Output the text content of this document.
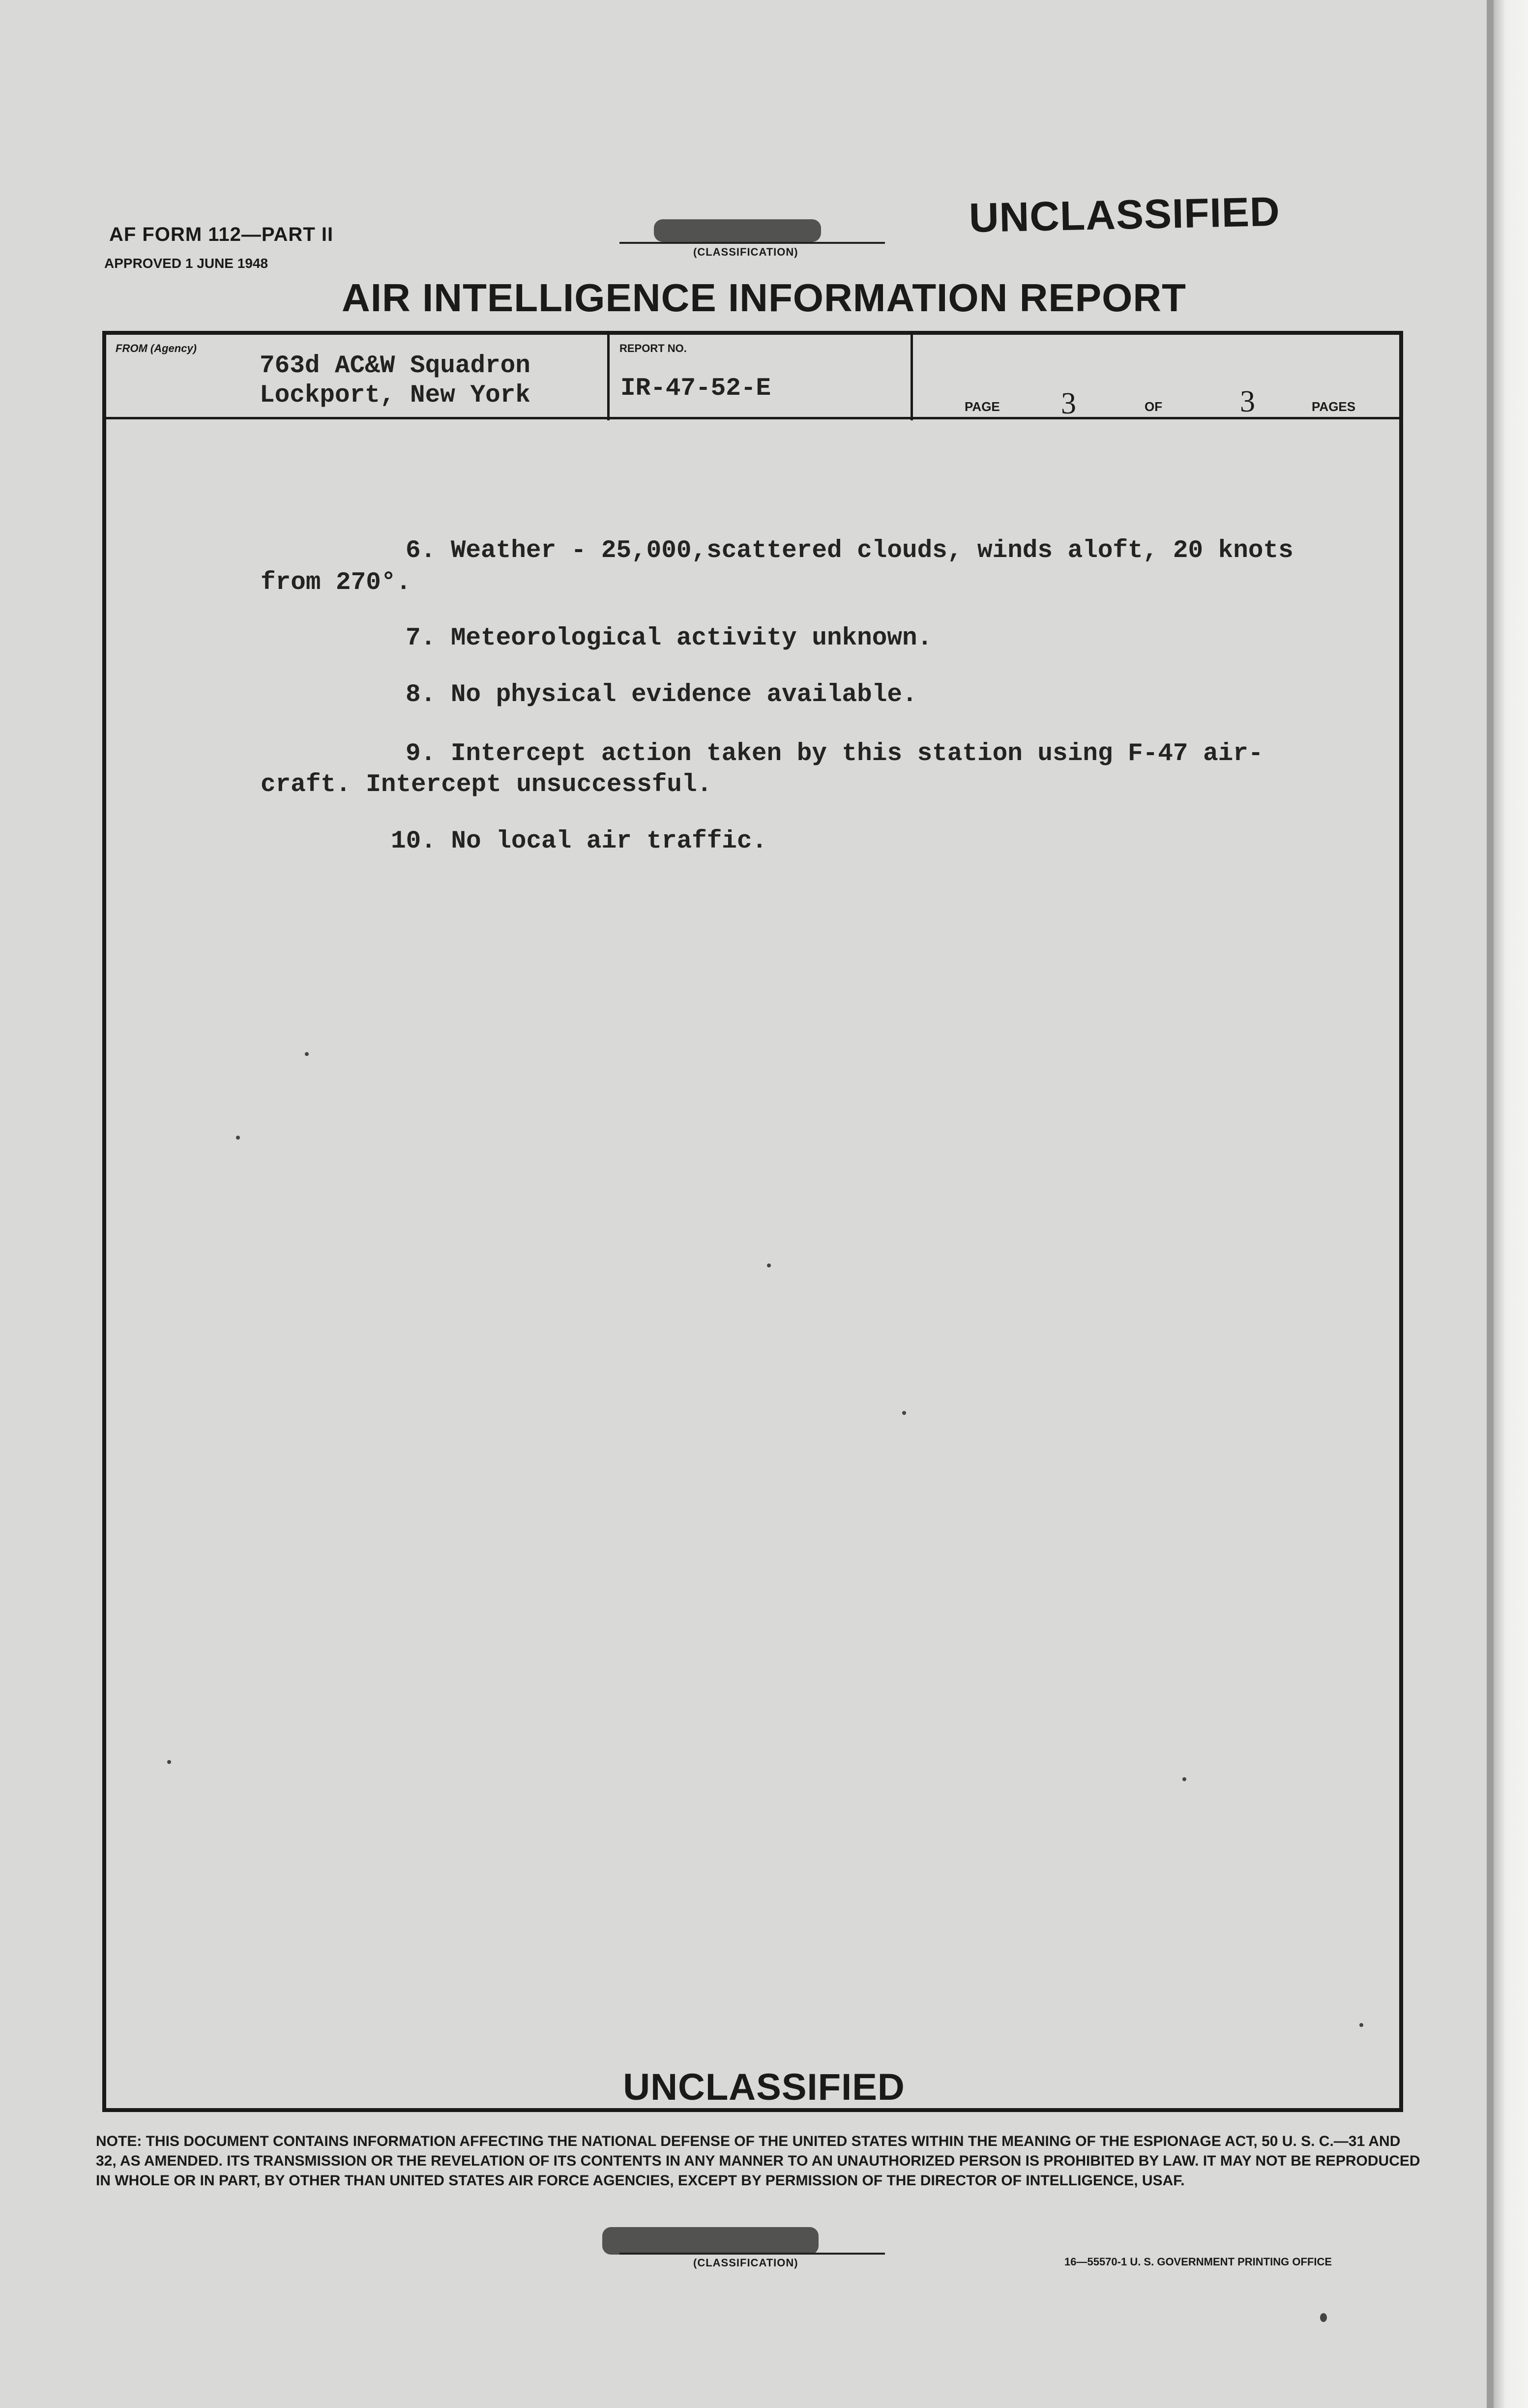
AF FORM 112—PART II
APPROVED 1 JUNE 1948
(CLASSIFICATION)
UNCLASSIFIED
AIR INTELLIGENCE INFORMATION REPORT
FROM (Agency)
763d AC&W Squadron
Lockport, New York
REPORT NO.
IR-47-52-E
PAGE 3	OF	3	PAGES
6. Weather - 25,000,scattered clouds, winds aloft, 20 knots
from 270°.
7. Meteorological activity unknown.
8. No physical evidence available.
9. Intercept action taken by this station using F-47 air-
craft. Intercept unsuccessful.
10. No local air traffic.
UNCLASSIFIED
NOTE: THIS DOCUMENT CONTAINS INFORMATION AFFECTING THE NATIONAL DEFENSE OF THE UNITED STATES WITHIN THE MEANING OF THE ESPIONAGE ACT, 50 U. S. C.—31 AND 32, AS AMENDED. ITS TRANSMISSION OR THE REVELATION OF ITS CONTENTS IN ANY MANNER TO AN UNAUTHORIZED PERSON IS PROHIBITED BY LAW. IT MAY NOT BE REPRODUCED IN WHOLE OR IN PART, BY OTHER THAN UNITED STATES AIR FORCE AGENCIES, EXCEPT BY PERMISSION OF THE DIRECTOR OF INTELLIGENCE, USAF.
(CLASSIFICATION)	16—55570-1 U. S. GOVERNMENT PRINTING OFFICE
